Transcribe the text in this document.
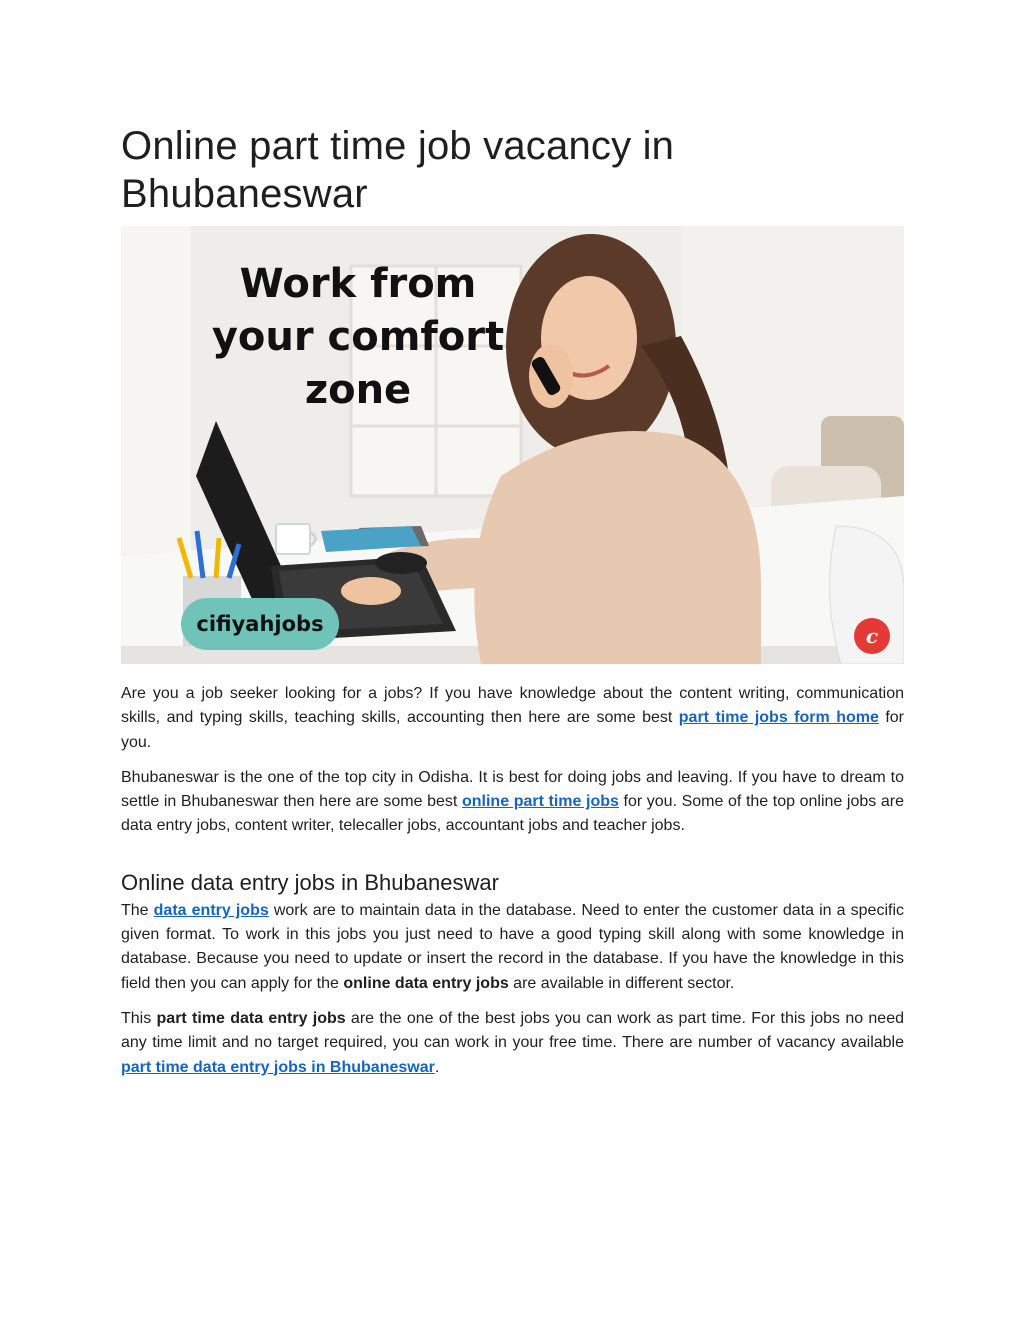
Online part time job vacancy in Bhubaneswar
Work from
your comfort
zone
cifiyahjobs	c

Are you a job seeker looking for a jobs? If you have knowledge about the content writing, communication skills, and typing skills, teaching skills, accounting then here are some best part time jobs form home for you.

Bhubaneswar is the one of the top city in Odisha. It is best for doing jobs and leaving. If you have to dream to settle in Bhubaneswar then here are some best online part time jobs for you. Some of the top online jobs are data entry jobs, content writer, telecaller jobs, accountant jobs and teacher jobs.

Online data entry jobs in Bhubaneswar

The data entry jobs work are to maintain data in the database. Need to enter the customer data in a specific given format. To work in this jobs you just need to have a good typing skill along with some knowledge in database. Because you need to update or insert the record in the database. If you have the knowledge in this field then you can apply for the online data entry jobs are available in different sector.

This part time data entry jobs are the one of the best jobs you can work as part time. For this jobs no need any time limit and no target required, you can work in your free time. There are number of vacancy available part time data entry jobs in Bhubaneswar.
